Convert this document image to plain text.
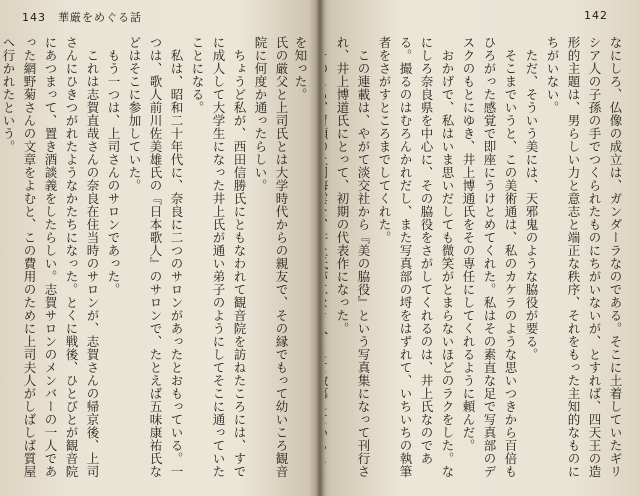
143 華厳をめぐる話

氏の厳父と上司氏とは大学時代からの親友で、その縁でもって幼いころ観音院に何度か通ったらしい。

ちょうど私が、西田信勝氏にともなわれて観音院を訪ねたころには、すでに成人して大学生になった井上氏が通い弟子のようにしてそこに通っていたことになる。

私は、昭和二十年代に、奈良に二つのサロンがあったとおもっている。一つは、歌人前川佐美雄氏の『日本歌人』のサロンで、たとえば五味康祐氏などはそこに参加していた。

もう一つは、上司さんのサロンであった。

これは志賀直哉さんの奈良在住当時のサロンが、志賀さんの帰京後、上司さんにひきつがれたようなかたちになった。とくに戦後、ひとびとが観音院にあつまって、置き酒談義をしたらしい。志賀サロンのメンバーの一人であった網野菊さんの文章をよむと、この費用のために上司夫人がしばしば質屋へ行かれたという。

142

なにしろ、仏像の成立は、ガンダーラなのである。そこに土着していたギリシア人の子孫の手でつくられたものにちがいないが、とすれば、四天王の造形的主題は、男らしい力と意志と端正な秩序、それをもった主知的なものにちがいない。

ただ、そういう美には、天邪鬼のような脇役が要る。

そこまでいうと、この美術通は、私のカケラのような思いつきから百倍もひろがった感覚で即座にうけとめてくれた。私はその素直な足で写真部のデスクのもとにゆき、井上博通氏をその専任にしてくれるように頼んだ。

おかげで、私はいま思いだしても微笑がとまらないほどのラクをした。なにしろ奈良県を中心に、その脇役をさがしてくれるのは、井上氏なのである。撮るのはむろんかれだし、また写真部の埒をはずれて、いちいちの執筆者をさがすところまでしてくれた。

この連載は、やがて淡交社から『美の脇役』という写真集になって刊行され、井上博道氏にとって、初期の代表作になった。

を知った。
